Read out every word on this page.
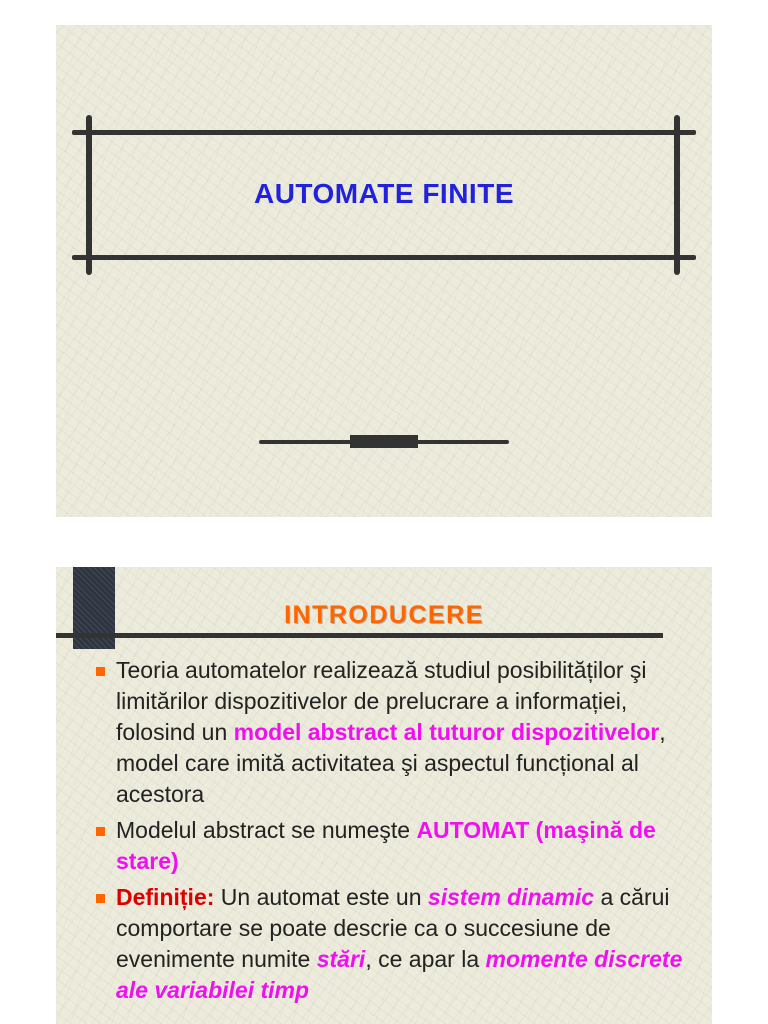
AUTOMATE FINITE
INTRODUCERE
Teoria automatelor realizează studiul posibilităților şi limitărilor dispozitivelor de prelucrare a informației, folosind un model abstract al tuturor dispozitivelor, model care imită activitatea şi aspectul funcțional al acestora
Modelul abstract se numeşte AUTOMAT (maşină de stare)
Definiție: Un automat este un sistem dinamic a cărui comportare se poate descrie ca o succesiune de evenimente numite stări, ce apar la momente discrete ale variabilei timp
